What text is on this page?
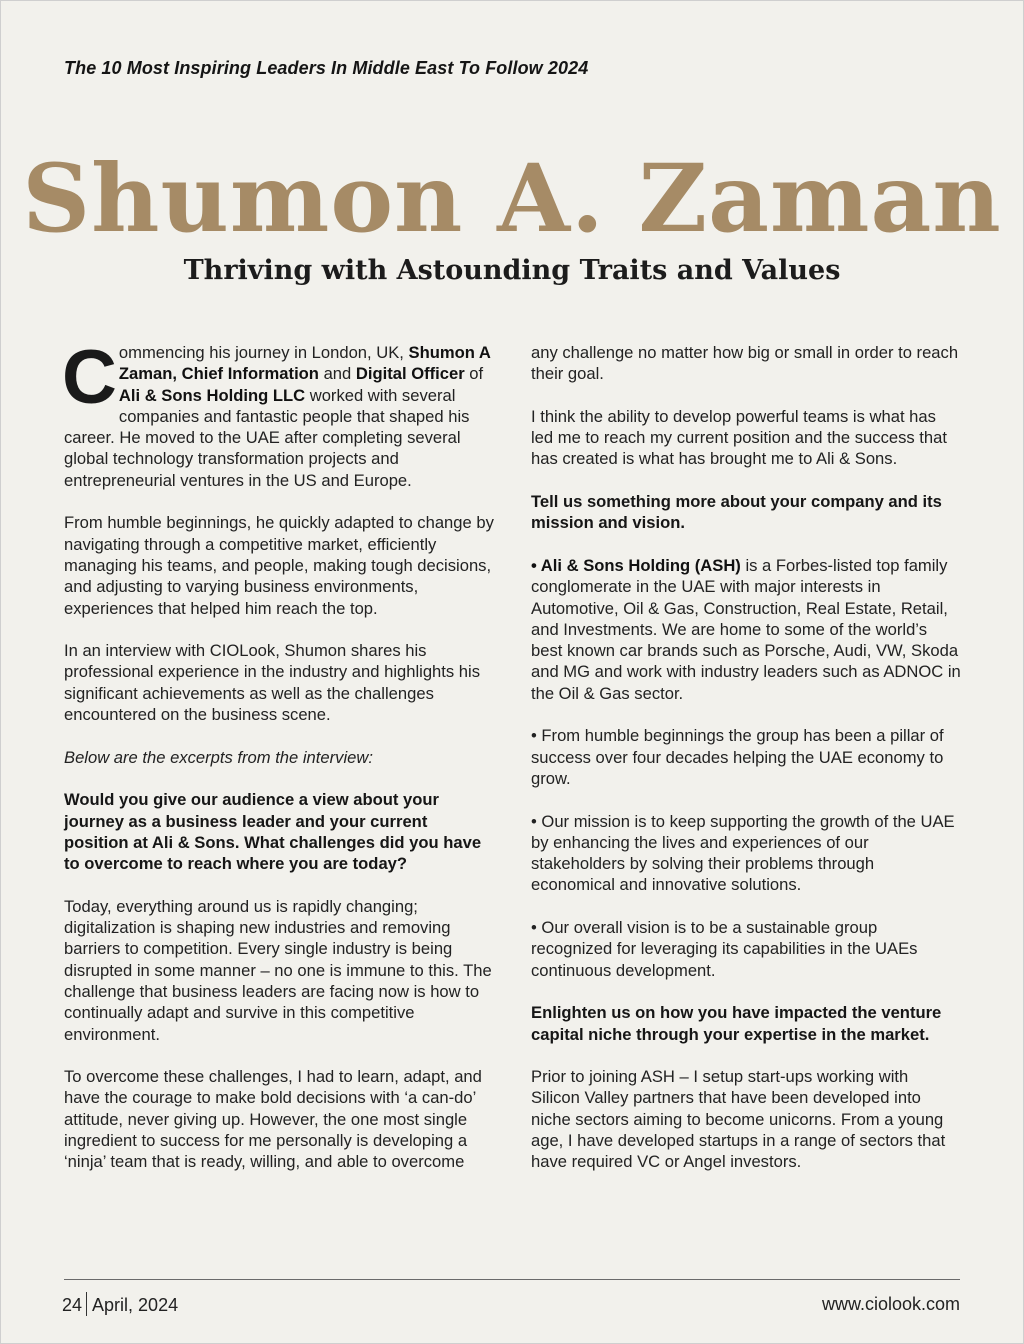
The 10 Most Inspiring Leaders In Middle East To Follow 2024
Shumon A. Zaman
Thriving with Astounding Traits and Values

Commencing his journey in London, UK, Shumon A Zaman, Chief Information and Digital Officer of Ali & Sons Holding LLC worked with several companies and fantastic people that shaped his career. He moved to the UAE after completing several global technology transformation projects and entrepreneurial ventures in the US and Europe.

From humble beginnings, he quickly adapted to change by navigating through a competitive market, efficiently managing his teams, and people, making tough decisions, and adjusting to varying business environments, experiences that helped him reach the top.

In an interview with CIOLook, Shumon shares his professional experience in the industry and highlights his significant achievements as well as the challenges encountered on the business scene.

Below are the excerpts from the interview:

Would you give our audience a view about your journey as a business leader and your current position at Ali & Sons. What challenges did you have to overcome to reach where you are today?

Today, everything around us is rapidly changing; digitalization is shaping new industries and removing barriers to competition. Every single industry is being disrupted in some manner – no one is immune to this. The challenge that business leaders are facing now is how to continually adapt and survive in this competitive environment.

To overcome these challenges, I had to learn, adapt, and have the courage to make bold decisions with ‘a can-do’ attitude, never giving up. However, the one most single ingredient to success for me personally is developing a ‘ninja’ team that is ready, willing, and able to overcome

any challenge no matter how big or small in order to reach their goal.

I think the ability to develop powerful teams is what has led me to reach my current position and the success that has created is what has brought me to Ali & Sons.

Tell us something more about your company and its mission and vision.

• Ali & Sons Holding (ASH) is a Forbes-listed top family conglomerate in the UAE with major interests in Automotive, Oil & Gas, Construction, Real Estate, Retail, and Investments. We are home to some of the world’s best known car brands such as Porsche, Audi, VW, Skoda and MG and work with industry leaders such as ADNOC in the Oil & Gas sector.

• From humble beginnings the group has been a pillar of success over four decades helping the UAE economy to grow.

• Our mission is to keep supporting the growth of the UAE by enhancing the lives and experiences of our stakeholders by solving their problems through economical and innovative solutions.

• Our overall vision is to be a sustainable group recognized for leveraging its capabilities in the UAEs continuous development.

Enlighten us on how you have impacted the venture capital niche through your expertise in the market.

Prior to joining ASH – I setup start-ups working with Silicon Valley partners that have been developed into niche sectors aiming to become unicorns. From a young age, I have developed startups in a range of sectors that have required VC or Angel investors.

24 April, 2024	www.ciolook.com
